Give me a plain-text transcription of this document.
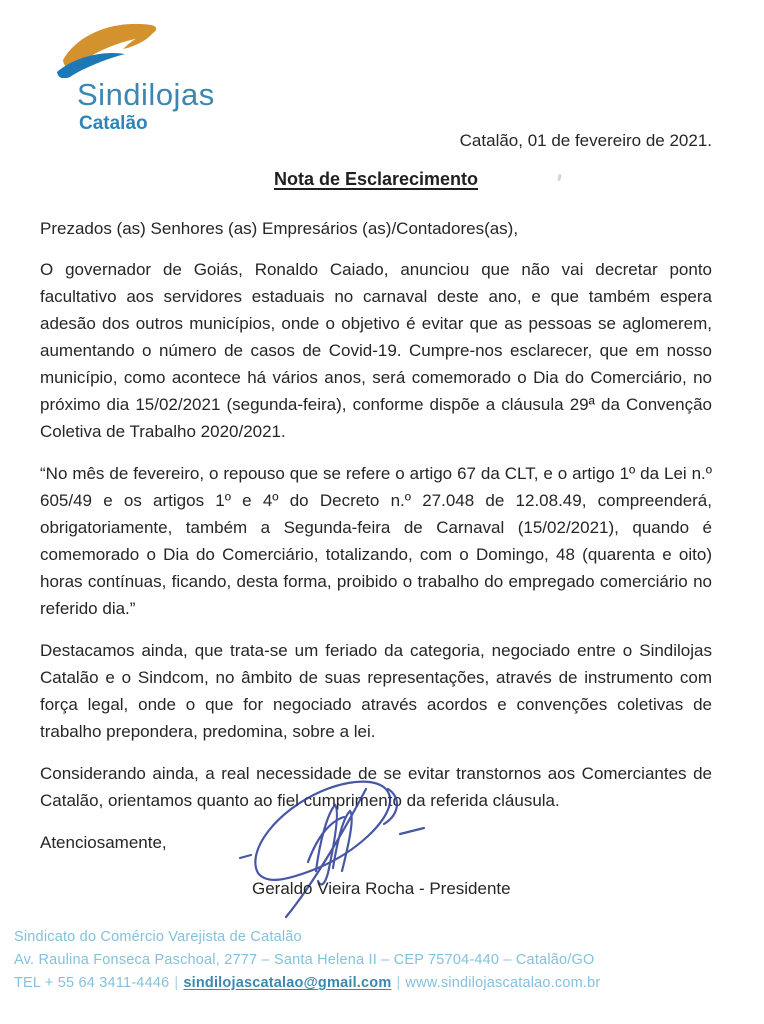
Sindilojas
Catalão

Catalão, 01 de fevereiro de 2021.

Nota de Esclarecimento

Prezados (as) Senhores (as) Empresários (as)/Contadores(as),

O governador de Goiás, Ronaldo Caiado, anunciou que não vai decretar ponto facultativo aos servidores estaduais no carnaval deste ano, e que também espera adesão dos outros municípios, onde o objetivo é evitar que as pessoas se aglomerem, aumentando o número de casos de Covid-19. Cumpre-nos esclarecer, que em nosso município, como acontece há vários anos, será comemorado o Dia do Comerciário, no próximo dia 15/02/2021 (segunda-feira), conforme dispõe a cláusula 29ª da Convenção Coletiva de Trabalho 2020/2021.

“No mês de fevereiro, o repouso que se refere o artigo 67 da CLT, e o artigo 1º da Lei n.º 605/49 e os artigos 1º e 4º do Decreto n.º 27.048 de 12.08.49, compreenderá, obrigatoriamente, também a Segunda-feira de Carnaval (15/02/2021), quando é comemorado o Dia do Comerciário, totalizando, com o Domingo, 48 (quarenta e oito) horas contínuas, ficando, desta forma, proibido o trabalho do empregado comerciário no referido dia.”

Destacamos ainda, que trata-se um feriado da categoria, negociado entre o Sindilojas Catalão e o Sindcom, no âmbito de suas representações, através de instrumento com força legal, onde o que for negociado através acordos e convenções coletivas de trabalho prepondera, predomina, sobre a lei.

Considerando ainda, a real necessidade de se evitar transtornos aos Comerciantes de Catalão, orientamos quanto ao fiel cumprimento da referida cláusula.

Atenciosamente,

Geraldo Vieira Rocha - Presidente

Sindicato do Comércio Varejista de Catalão

Av. Raulina Fonseca Paschoal, 2777 – Santa Helena II – CEP 75704-440 – Catalão/GO

TEL + 55 64 3411-4446 | sindilojascatalao@gmail.com | www.sindilojascatalao.com.br
